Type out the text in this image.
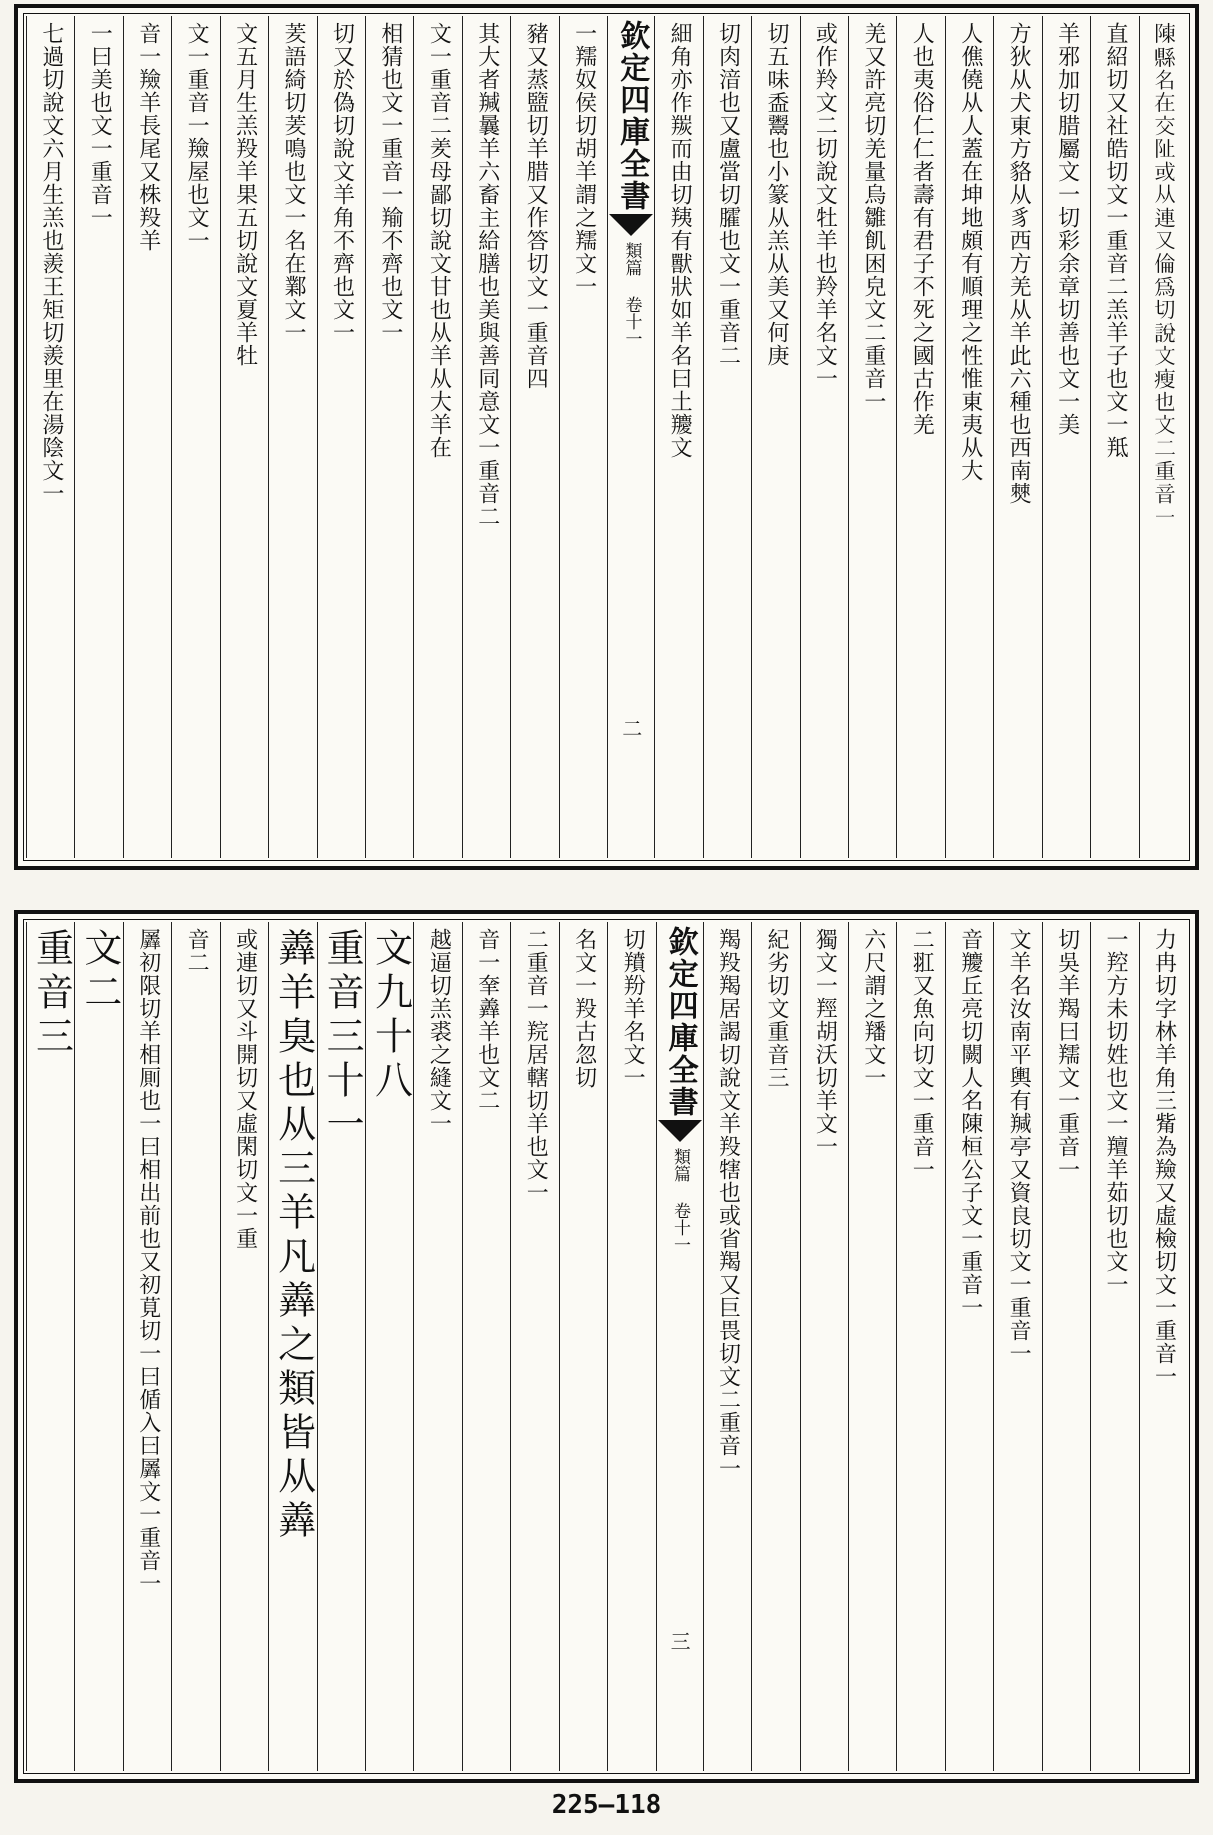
𨻰縣名在交阯或从連又倫為切說文瘦也文二重音一
直紹切又社皓切文一重音二羔羊子也文一羝
羊邪加切腊屬文一切彩余章切善也文一美
方狄从犬東方貉从豸西方羌从羊此六種也西南僰
人僬僥从人蓋在坤地頗有順理之性惟東夷从大
人也夷俗仁仁者壽有君子不死之國古作羌
羌又許亮切羌量烏雛飢困皃文二重音一
或作羚文二切說文牡羊也羚羊名文一
切五味盉鬻也小篆从羔从美又何庚
切肉湆也又盧當切臛也文一重音二
細角亦作羰而由切羠有獸狀如羊名曰土羻文
欽定四庫全書
類篇 卷十一
二
一羺奴侯切胡羊謂之羺文一
豬又蒸盬切羊腊又作答切文一重音四
其大者羬曩羊六畜主給膳也美與善同意文一重音二
文一重音二羑母鄙切說文甘也从羊从大羊在
相猜也文一重音一羭不齊也文一
切又於偽切說文羊角不齊也文一
羐語綺切羐鳴也文一名在鄴文一
文五月生羔羖羊果五切說文夏羊牡
文一重音一羷屋也文一
音一羷羊長尾又株羖羊
一曰美也文一重音一
七過切說文六月生羔也羨王矩切羨里在湯陰文一
力冉切字林羊角三觜為羷又虛檢切文一重音一
一羫方未切姓也文一羶羊茹切也文一
切吳羊羯曰羺文一重音一
文羊名汝南平輿有羬亭又資良切文一重音一
音羻丘亮切闕人名陳桓公子文一重音一
二羾又魚向切文一重音一
六尺謂之羳文一
獨文一羥胡沃切羊文一
紀劣切文重音三
羯羖羯居謁切說文羊羖犗也或省羯又巨畏切文二重音一
欽定四庫全書
類篇 卷十一
三
切羵羒羊名文一
名文一羖古忽切
二重音一羦居轄切羊也文一
音一羍羴羊也文二
越逼切羔裘之縫文一
文九十八
重音三十一
羴羊臭也从三羊凡羴之類皆从羴
或連切又斗開切又虛閑切文一重
音二
羼初限切羊相厠也一曰相出前也又初莧切一曰偱入曰羼文一重音一
文二
重音三
225—118
